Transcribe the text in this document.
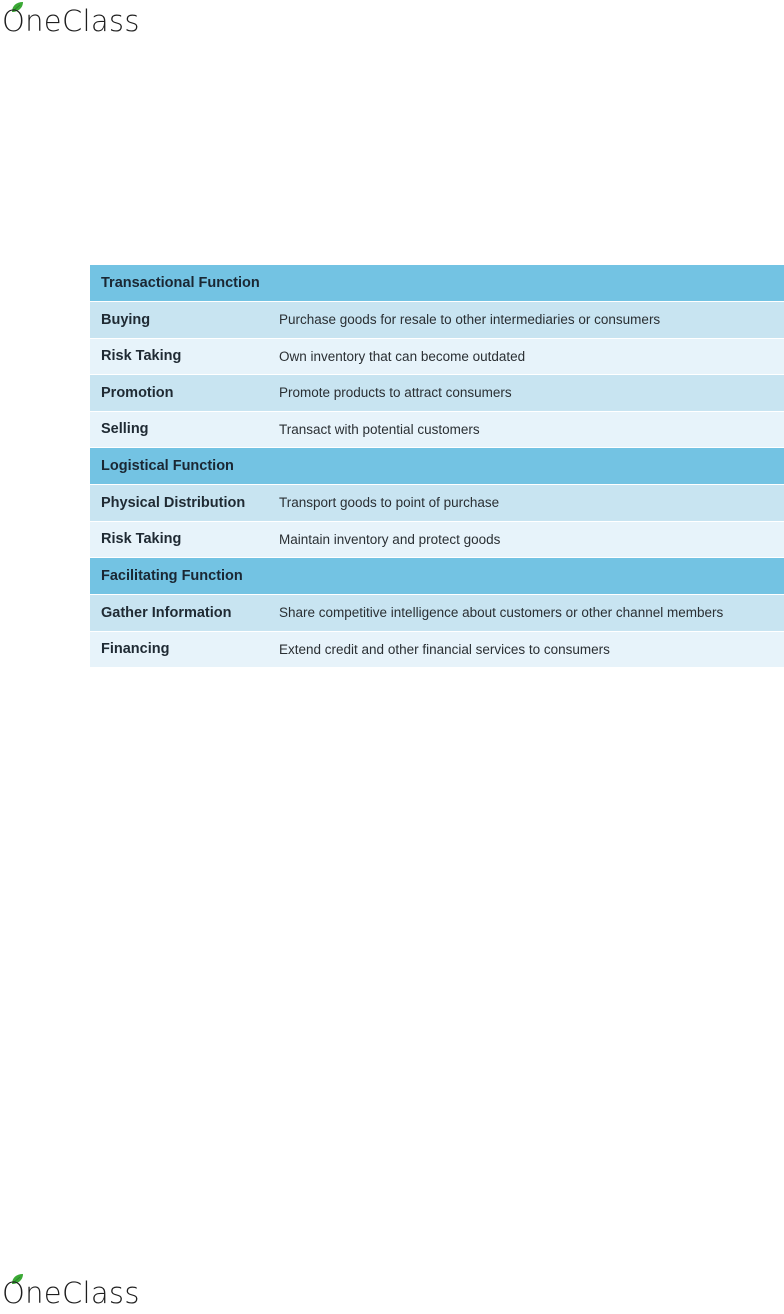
OneClass
Transactional Function	
Buying	Purchase goods for resale to other intermediaries or consumers
Risk Taking	Own inventory that can become outdated
Promotion	Promote products to attract consumers
Selling	Transact with potential customers
Logistical Function	
Physical Distribution	Transport goods to point of purchase
Risk Taking	Maintain inventory and protect goods
Facilitating Function	
Gather Information	Share competitive intelligence about customers or other channel members
Financing	Extend credit and other financial services to consumers
OneClass
